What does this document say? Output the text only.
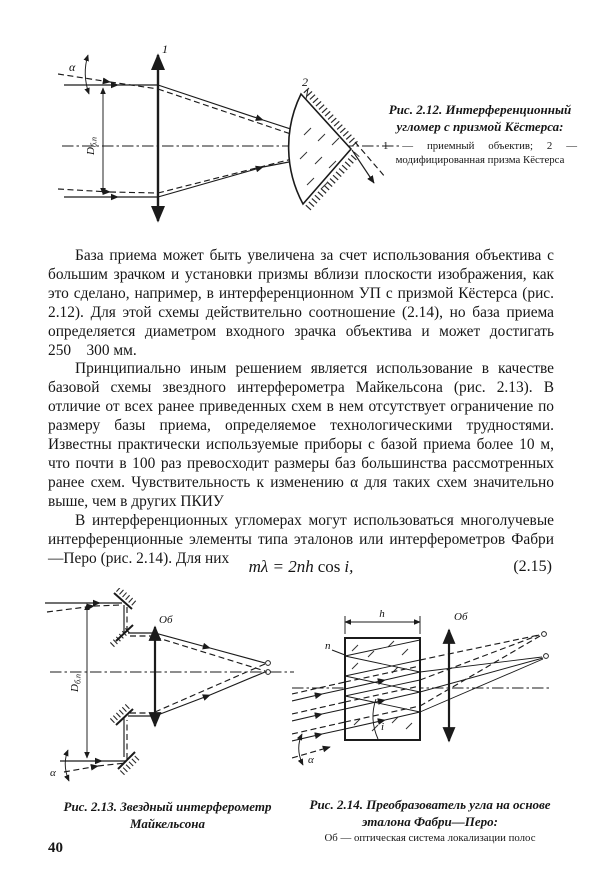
1
α
$D_{б.п}$
2
Рис. 2.12. Интерференционный угломер с призмой Кёстерса:
1 — приемный объектив; 2 — модифицированная призма Кёстерса

База приема может быть увеличена за счет использования объектива с большим зрачком и установки призмы вблизи плоскости изображения, как это сделано, например, в интерференционном УП с призмой Кёстерса (рис. 2.12). Для этой схемы действительно соотношение (2.14), но база приема определяется диаметром входного зрачка объектива и может достигать 250  300 мм.

Принципиально иным решением является использование в качестве базовой схемы звездного интерферометра Майкельсона (рис. 2.13). В отличие от всех ранее приведенных схем в нем отсутствует ограничение по размеру базы приема, определяемое технологическими трудностями. Известны практически используемые приборы с базой приема более 10 м, что почти в 100 раз превосходит размеры баз большинства рассмотренных ранее схем. Чувствительность к изменению α для таких схем значительно выше, чем в других ПКИУ

В интерференционных угломерах могут использоваться многолучевые интерференционные элементы типа эталонов или интерферометров Фабри—Перо (рис. 2.14). Для них	mλ = 2nh cos i,	(2.15)
$D_{б.п}$
Об
α
h
n
Об
α
i
Рис. 2.13. Звездный интерферометр Майкельсона
Рис. 2.14. Преобразователь угла на основе эталона Фабри—Перо:
Об — оптическая система локализации полос
40
